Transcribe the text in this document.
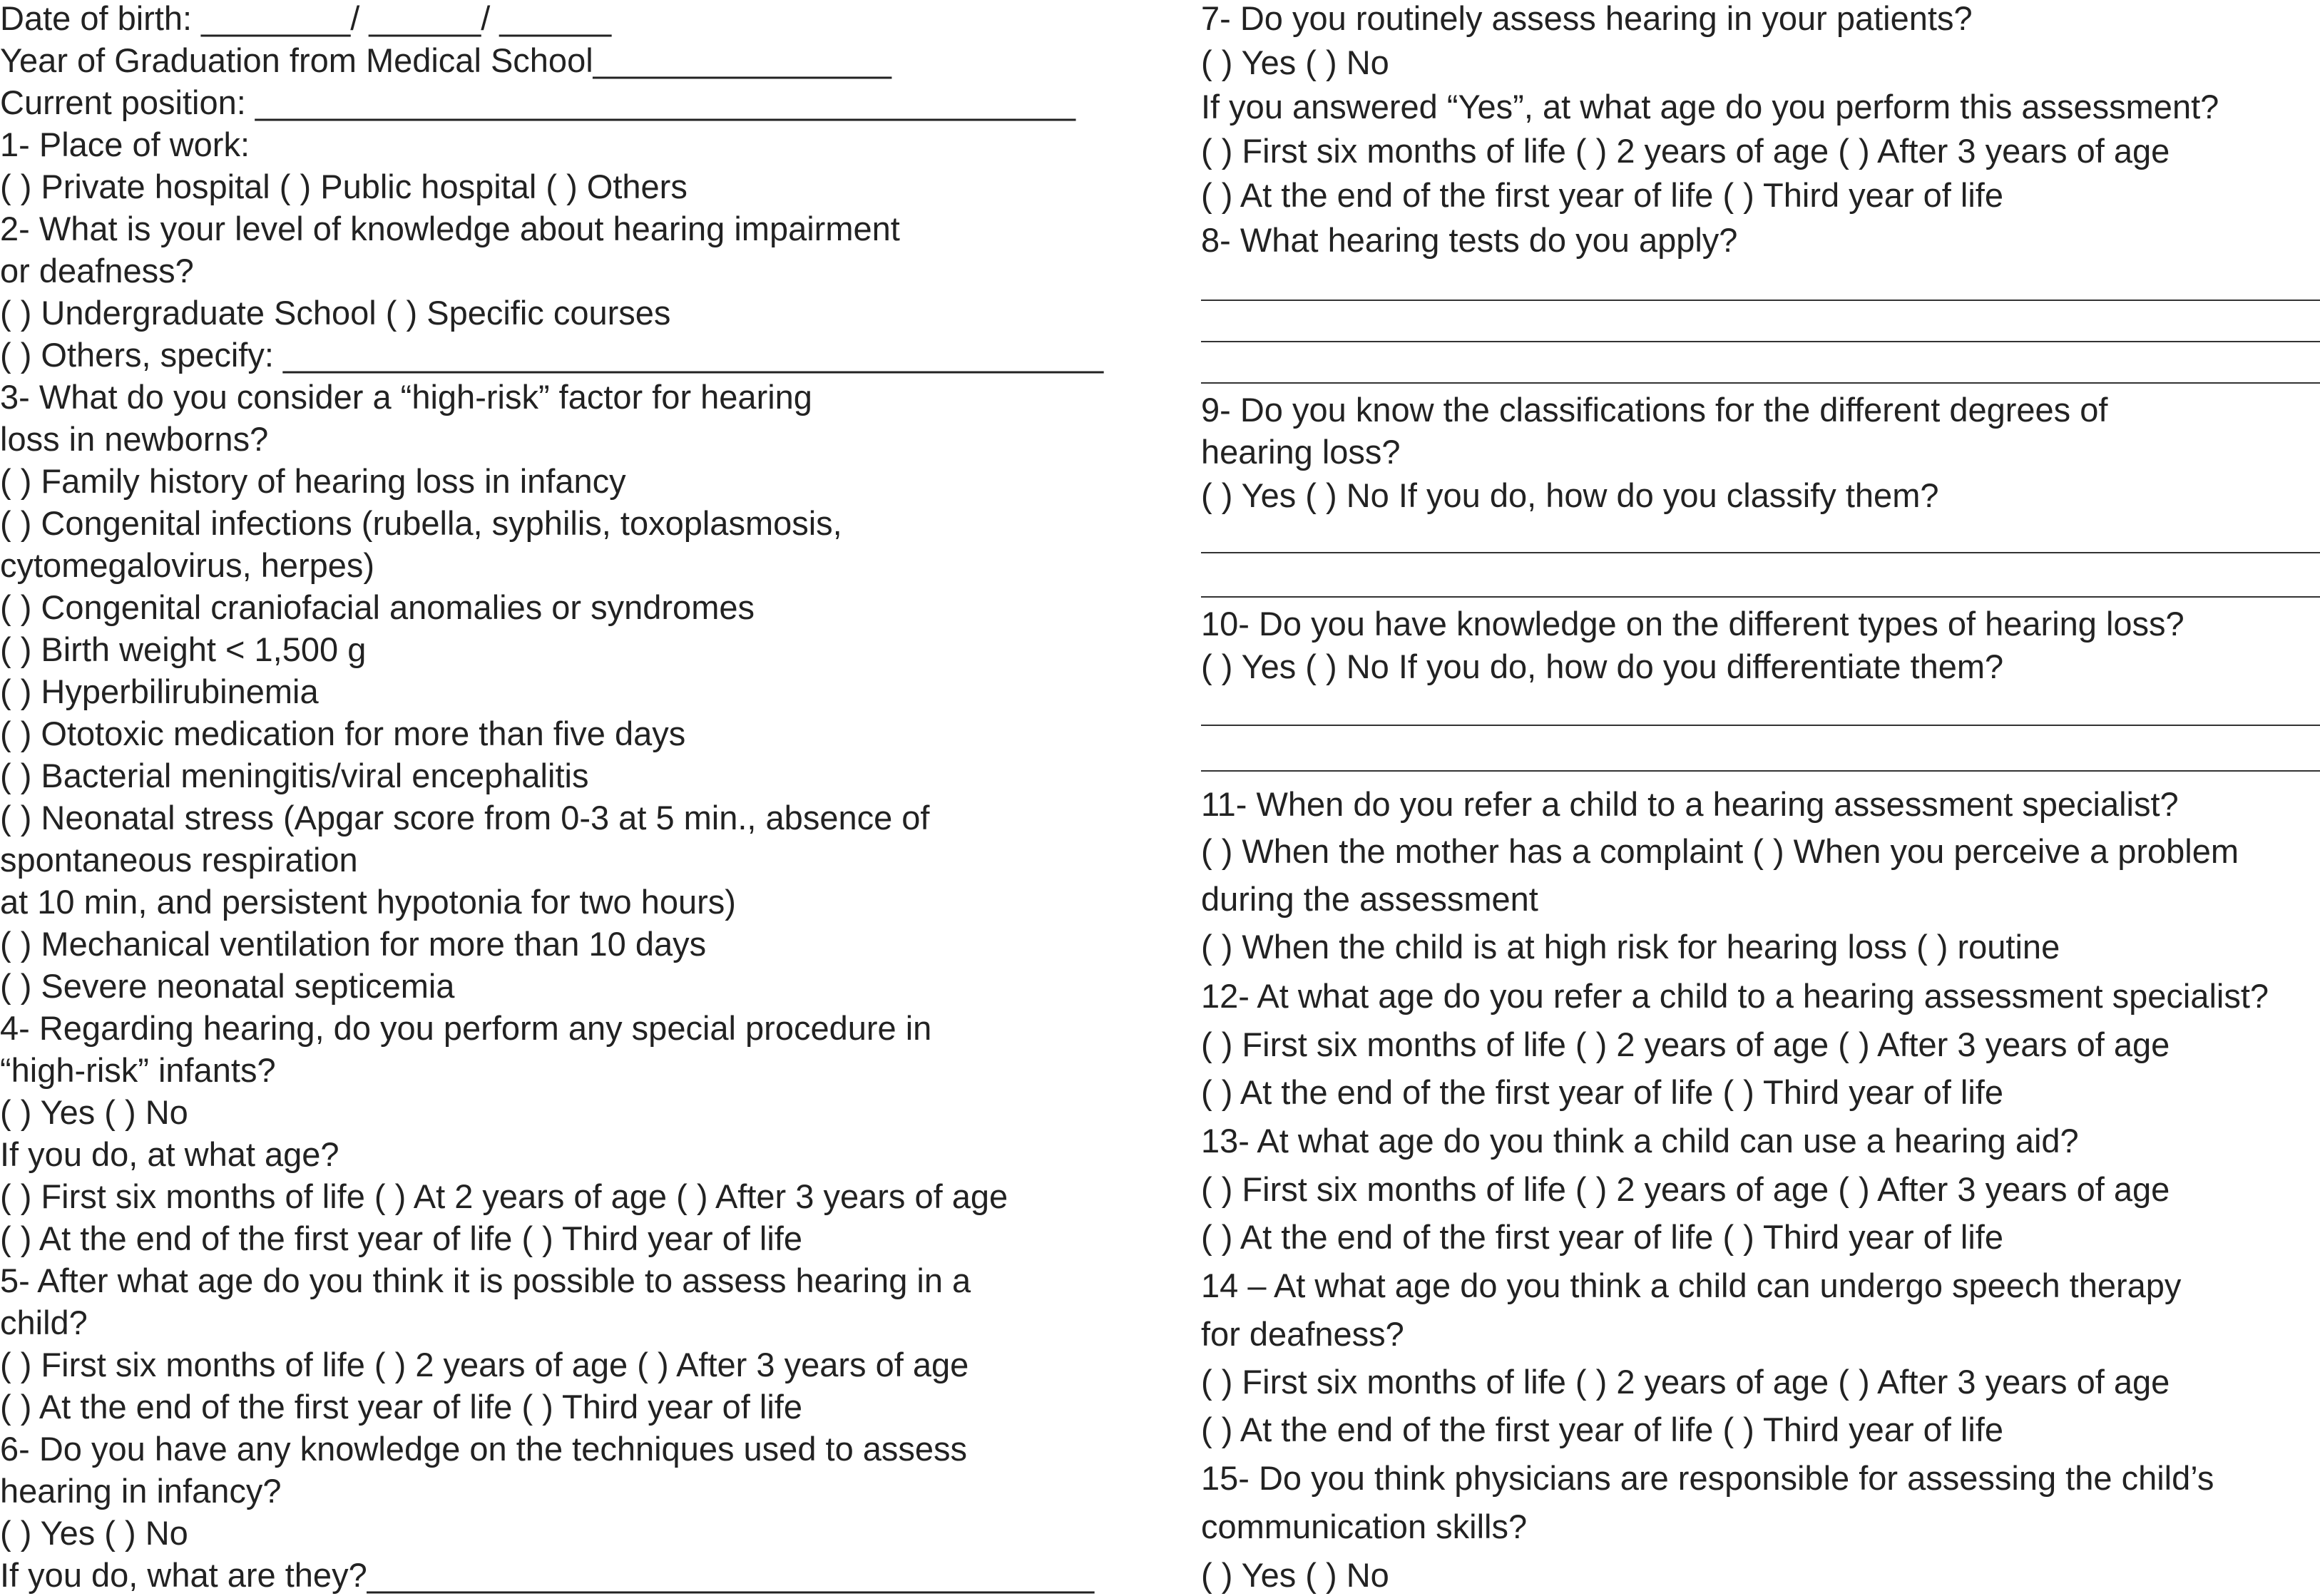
Date of birth: ________/ ______/ ______

Year of Graduation from Medical School________________

Current position: ____________________________________________

1- Place of work:

( ) Private hospital ( ) Public hospital ( ) Others

2- What is your level of knowledge about hearing impairment

or deafness?

( ) Undergraduate School ( ) Specific courses

( ) Others, specify: ____________________________________________

3- What do you consider a “high-risk” factor for hearing

loss in newborns?

( ) Family history of hearing loss in infancy

( ) Congenital infections (rubella, syphilis, toxoplasmosis,

cytomegalovirus, herpes)

( ) Congenital craniofacial anomalies or syndromes

( ) Birth weight < 1,500 g

( ) Hyperbilirubinemia

( ) Ototoxic medication for more than five days

( ) Bacterial meningitis/viral encephalitis

( ) Neonatal stress (Apgar score from 0-3 at 5 min., absence of

spontaneous respiration

at 10 min, and persistent hypotonia for two hours)

( ) Mechanical ventilation for more than 10 days

( ) Severe neonatal septicemia

4- Regarding hearing, do you perform any special procedure in

“high-risk” infants?

( ) Yes ( ) No

If you do, at what age?

( ) First six months of life ( ) At 2 years of age ( ) After 3 years of age

( ) At the end of the first year of life ( ) Third year of life

5- After what age do you think it is possible to assess hearing in a

child?

( ) First six months of life ( ) 2 years of age ( ) After 3 years of age

( ) At the end of the first year of life ( ) Third year of life

6- Do you have any knowledge on the techniques used to assess

hearing in infancy?

( ) Yes ( ) No

If you do, what are they?_______________________________________

7- Do you routinely assess hearing in your patients?

( ) Yes ( ) No

If you answered “Yes”, at what age do you perform this assessment?

( ) First six months of life ( ) 2 years of age ( ) After 3 years of age

( ) At the end of the first year of life ( ) Third year of life

8- What hearing tests do you apply?

9- Do you know the classifications for the different degrees of

hearing loss?

( ) Yes ( ) No If you do, how do you classify them?

10- Do you have knowledge on the different types of hearing loss?

( ) Yes ( ) No If you do, how do you differentiate them?

11- When do you refer a child to a hearing assessment specialist?

( ) When the mother has a complaint ( ) When you perceive a problem

during the assessment

( ) When the child is at high risk for hearing loss ( ) routine

12- At what age do you refer a child to a hearing assessment specialist?

( ) First six months of life ( ) 2 years of age ( ) After 3 years of age

( ) At the end of the first year of life ( ) Third year of life

13- At what age do you think a child can use a hearing aid?

( ) First six months of life ( ) 2 years of age ( ) After 3 years of age

( ) At the end of the first year of life ( ) Third year of life

14 – At what age do you think a child can undergo speech therapy

for deafness?

( ) First six months of life ( ) 2 years of age ( ) After 3 years of age

( ) At the end of the first year of life ( ) Third year of life

15- Do you think physicians are responsible for assessing the child’s

communication skills?

( ) Yes ( ) No
